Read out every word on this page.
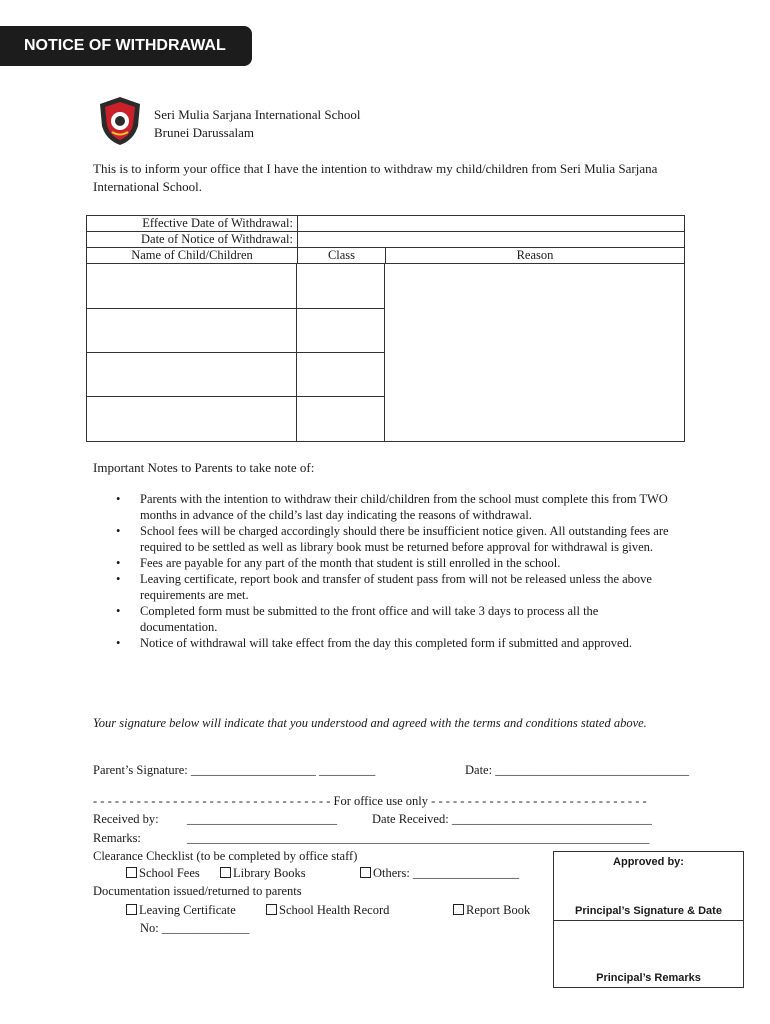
NOTICE OF WITHDRAWAL
Seri Mulia Sarjana International School
Brunei Darussalam
This is to inform your office that I have the intention to withdraw my child/children from Seri Mulia Sarjana International School.
Effective Date of Withdrawal:		
Date of Notice of Withdrawal:		
Name of Child/Children	Class	Reason
Important Notes to Parents to take note of:
• Parents with the intention to withdraw their child/children from the school must complete this from TWO months in advance of the child’s last day indicating the reasons of withdrawal.
• School fees will be charged accordingly should there be insufficient notice given. All outstanding fees are required to be settled as well as library book must be returned before approval for withdrawal is given.
• Fees are payable for any part of the month that student is still enrolled in the school.
• Leaving certificate, report book and transfer of student pass from will not be released unless the above requirements are met.
• Completed form must be submitted to the front office and will take 3 days to process all the documentation.
• Notice of withdrawal will take effect from the day this completed form if submitted and approved.
Your signature below will indicate that you understood and agreed with the terms and conditions stated above.
Parent’s Signature: ____________________ _________	Date: _______________________________
- - - - - - - - - - - - - - - - - - - - - - - - - - - - - - - - - For office use only - - - - - - - - - - - - - - - - - - - - - - - - - - - - - -
Received by: ________________________	Date Received: ________________________________
Remarks:	__________________________________________________________________________
Clearance Checklist (to be completed by office staff)
School Fees	Library Books	Others: _________________
Documentation issued/returned to parents
Leaving Certificate	School Health Record	Report Book
No: ______________
Approved by:
Principal’s Signature & Date
Principal’s Remarks
